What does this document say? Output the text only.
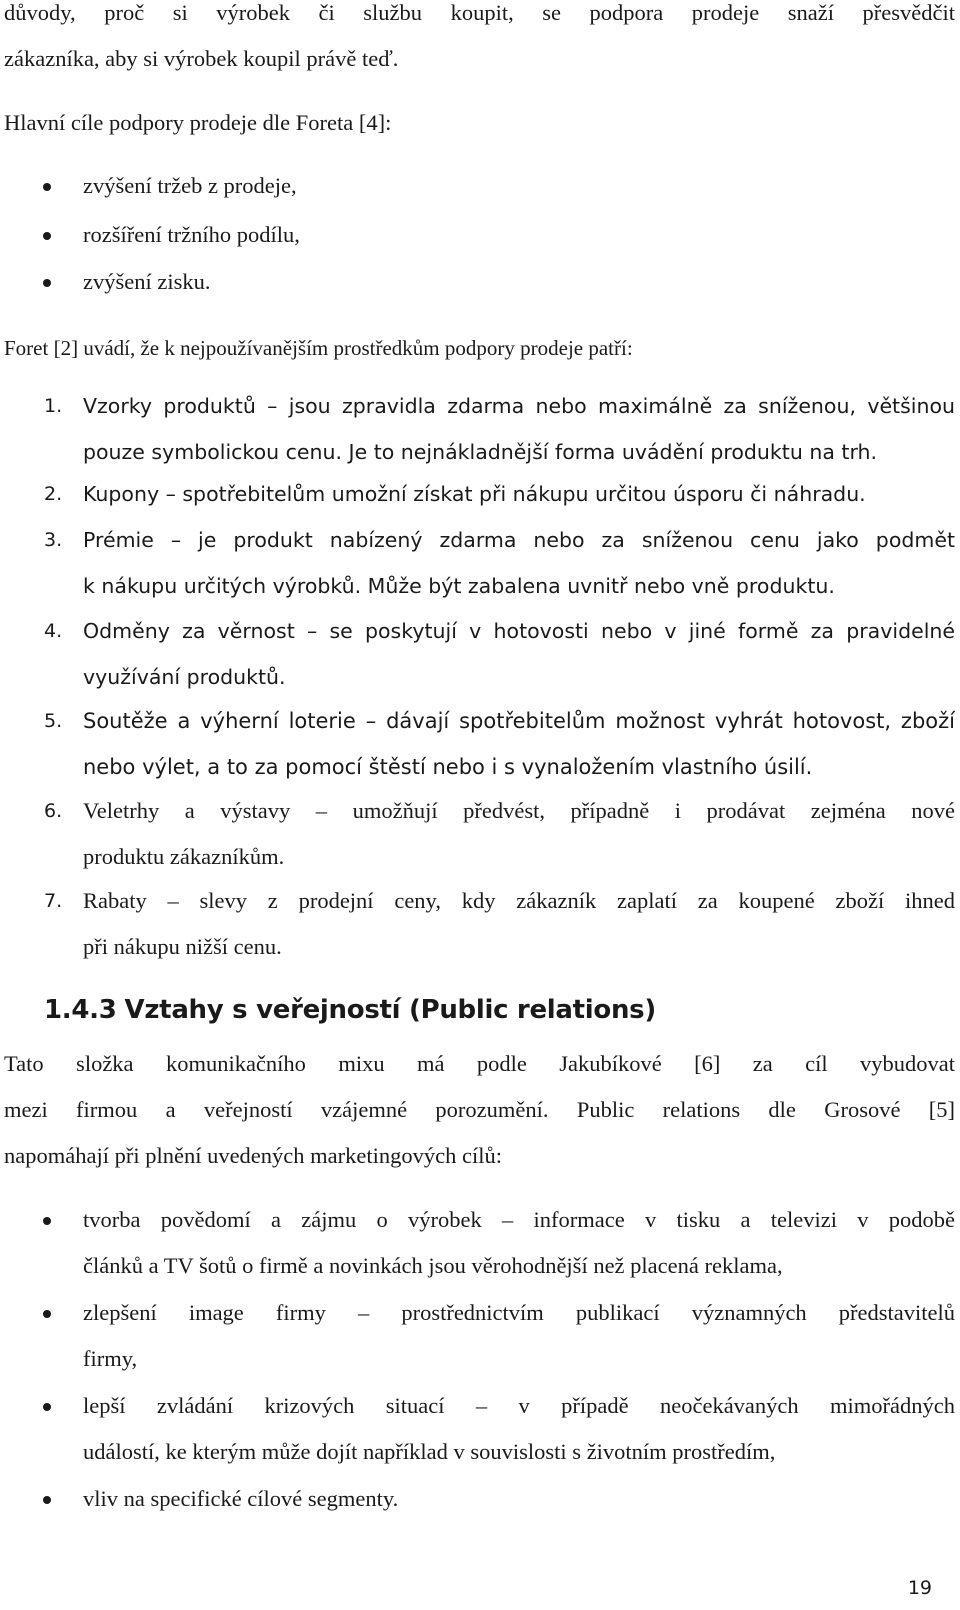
důvody, proč si výrobek či službu koupit, se podpora prodeje snaží přesvědčit
zákazníka, aby si výrobek koupil právě teď.
Hlavní cíle podpory prodeje dle Foreta [4]:
zvýšení tržeb z prodeje,
rozšíření tržního podílu,
zvýšení zisku.
Foret [2] uvádí, že k nejpoužívanějším prostředkům podpory prodeje patří:
1. Vzorky produktů – jsou zpravidla zdarma nebo maximálně za sníženou, většinou
pouze symbolickou cenu. Je to nejnákladnější forma uvádění produktu na trh.
2. Kupony – spotřebitelům umožní získat při nákupu určitou úsporu či náhradu.
3. Prémie – je produkt nabízený zdarma nebo za sníženou cenu jako podmět
k nákupu určitých výrobků. Může být zabalena uvnitř nebo vně produktu.
4. Odměny za věrnost – se poskytují v hotovosti nebo v jiné formě za pravidelné
využívání produktů.
5. Soutěže a výherní loterie – dávají spotřebitelům možnost vyhrát hotovost, zboží
nebo výlet, a to za pomocí štěstí nebo i s vynaložením vlastního úsilí.
6. Veletrhy a výstavy – umožňují předvést, případně i prodávat zejména nové
produktu zákazníkům.
7. Rabaty – slevy z prodejní ceny, kdy zákazník zaplatí za koupené zboží ihned
při nákupu nižší cenu.
1.4.3 Vztahy s veřejností (Public relations)
Tato složka komunikačního mixu má podle Jakubíkové [6] za cíl vybudovat
mezi firmou a veřejností vzájemné porozumění. Public relations dle Grosové [5]
napomáhají při plnění uvedených marketingových cílů:
tvorba povědomí a zájmu o výrobek – informace v tisku a televizi v podobě
článků a TV šotů o firmě a novinkách jsou věrohodnější než placená reklama,
zlepšení image firmy – prostřednictvím publikací významných představitelů
firmy,
lepší zvládání krizových situací – v případě neočekávaných mimořádných
událostí, ke kterým může dojít například v souvislosti s životním prostředím,
vliv na specifické cílové segmenty.
19
